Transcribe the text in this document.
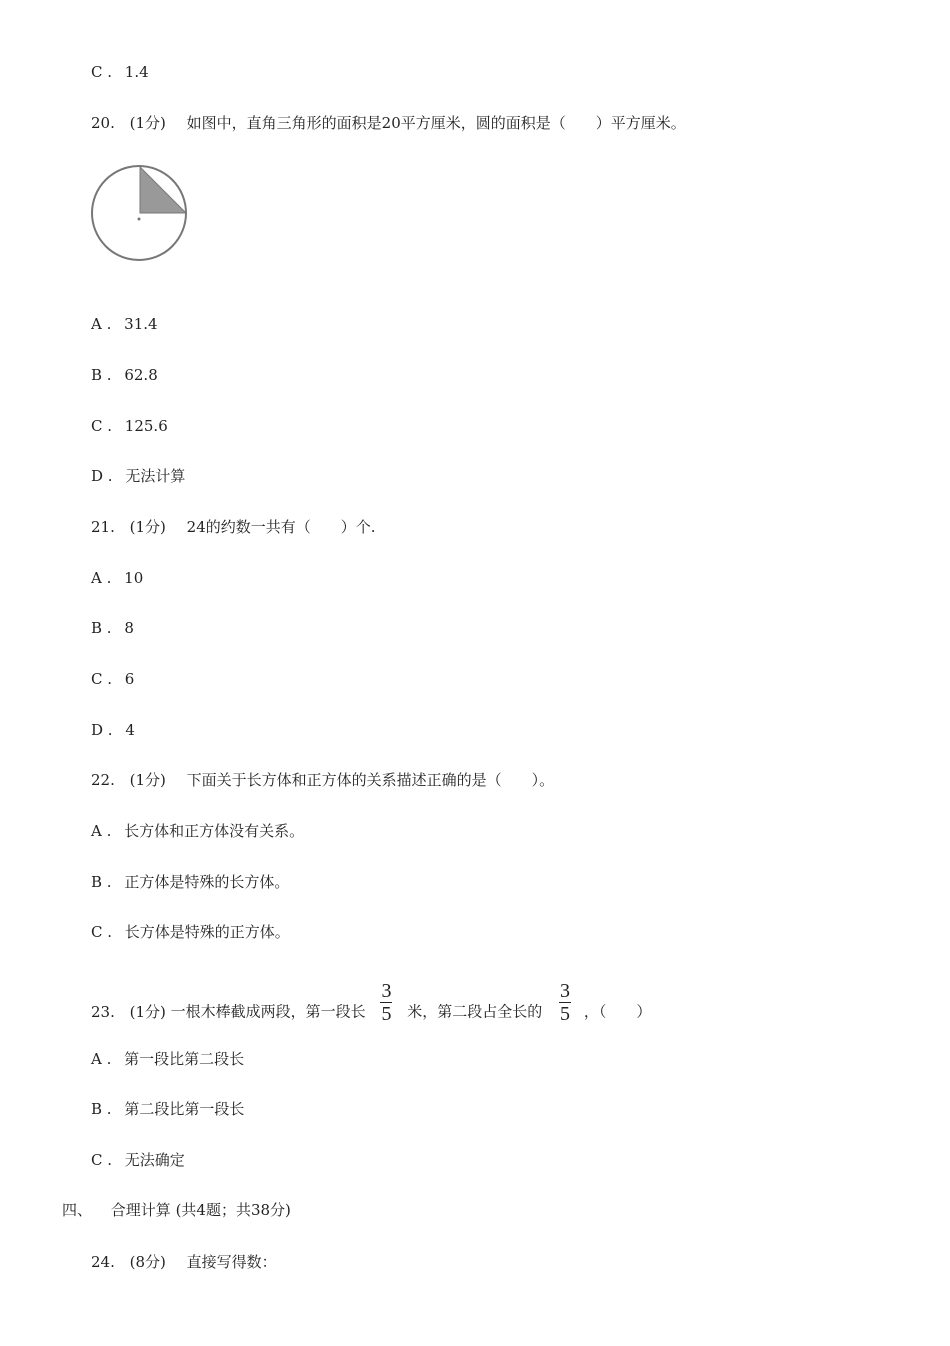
C . 1.4
20. (1分) 如图中，直角三角形的面积是20平方厘米，圆的面积是（　　）平方厘米。
A . 31.4
B . 62.8
C . 125.6
D . 无法计算
21. (1分) 24的约数一共有（　　）个.
A . 10
B . 8
C . 6
D . 4
22. (1分) 下面关于长方体和正方体的关系描述正确的是（　　）。
A . 长方体和正方体没有关系。
B . 正方体是特殊的长方体。
C . 长方体是特殊的正方体。
23. (1分) 一根木棒截成两段，第一段长 $\frac{3}{5}$ 米，第二段占全长的 $\frac{3}{5}$ ，（　　）
A . 第一段比第二段长
B . 第二段比第一段长
C . 无法确定
四、 合理计算 (共4题；共38分)
24. (8分) 直接写得数：
